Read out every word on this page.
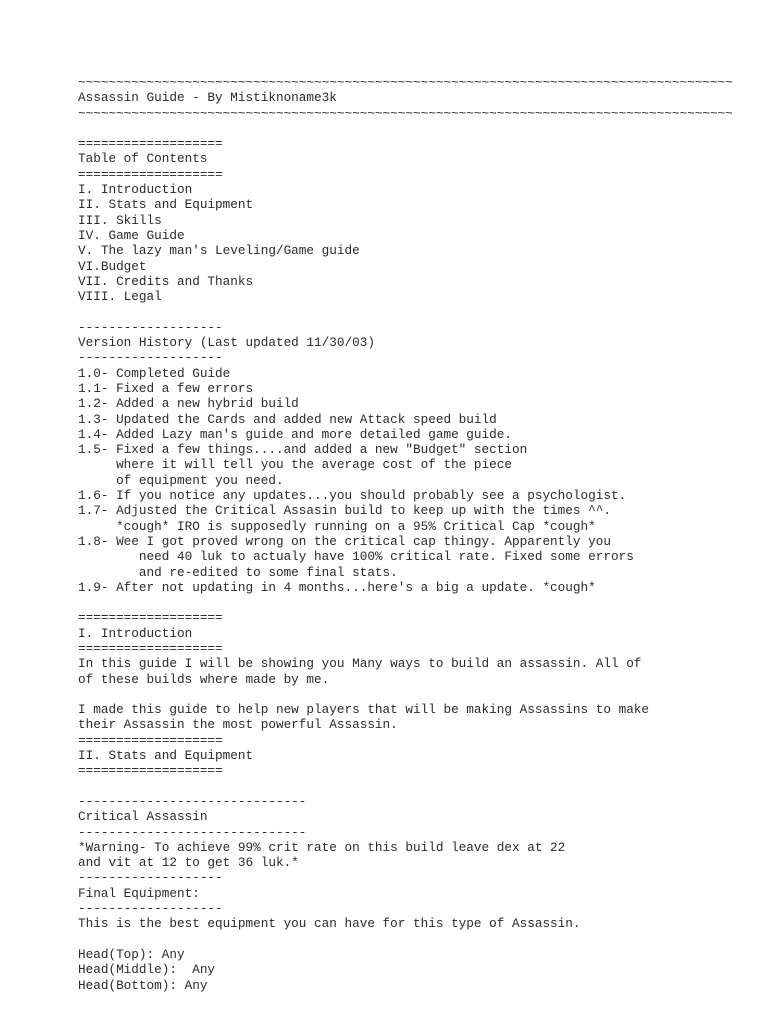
~~~~~~~~~~~~~~~~~~~~~~~~~~~~~~~~~~~~~~~~~~~~~~~~~~~~~~~~~~~~~~~~~~~~~~~~~~~~~~~~~~~~~~
Assassin Guide - By Mistiknoname3k
~~~~~~~~~~~~~~~~~~~~~~~~~~~~~~~~~~~~~~~~~~~~~~~~~~~~~~~~~~~~~~~~~~~~~~~~~~~~~~~~~~~~~~
===================
Table of Contents
===================
I. Introduction
II. Stats and Equipment
III. Skills
IV. Game Guide
V. The lazy man's Leveling/Game guide
VI.Budget
VII. Credits and Thanks
VIII. Legal
-------------------
Version History (Last updated 11/30/03)
-------------------
1.0- Completed Guide
1.1- Fixed a few errors
1.2- Added a new hybrid build
1.3- Updated the Cards and added new Attack speed build
1.4- Added Lazy man's guide and more detailed game guide.
1.5- Fixed a few things....and added a new "Budget" section
where it will tell you the average cost of the piece
of equipment you need.
1.6- If you notice any updates...you should probably see a psychologist.
1.7- Adjusted the Critical Assasin build to keep up with the times ^^.
*cough* IRO is supposedly running on a 95% Critical Cap *cough*
1.8- Wee I got proved wrong on the critical cap thingy. Apparently you
need 40 luk to actualy have 100% critical rate. Fixed some errors
and re-edited to some final stats.
1.9- After not updating in 4 months...here's a big a update. *cough*
===================
I. Introduction
===================
In this guide I will be showing you Many ways to build an assassin. All of
of these builds where made by me.
I made this guide to help new players that will be making Assassins to make
their Assassin the most powerful Assassin.
===================
II. Stats and Equipment
===================
------------------------------
Critical Assassin
------------------------------
*Warning- To achieve 99% crit rate on this build leave dex at 22
and vit at 12 to get 36 luk.*
-------------------
Final Equipment:
-------------------
This is the best equipment you can have for this type of Assassin.
Head(Top): Any
Head(Middle):  Any
Head(Bottom): Any
